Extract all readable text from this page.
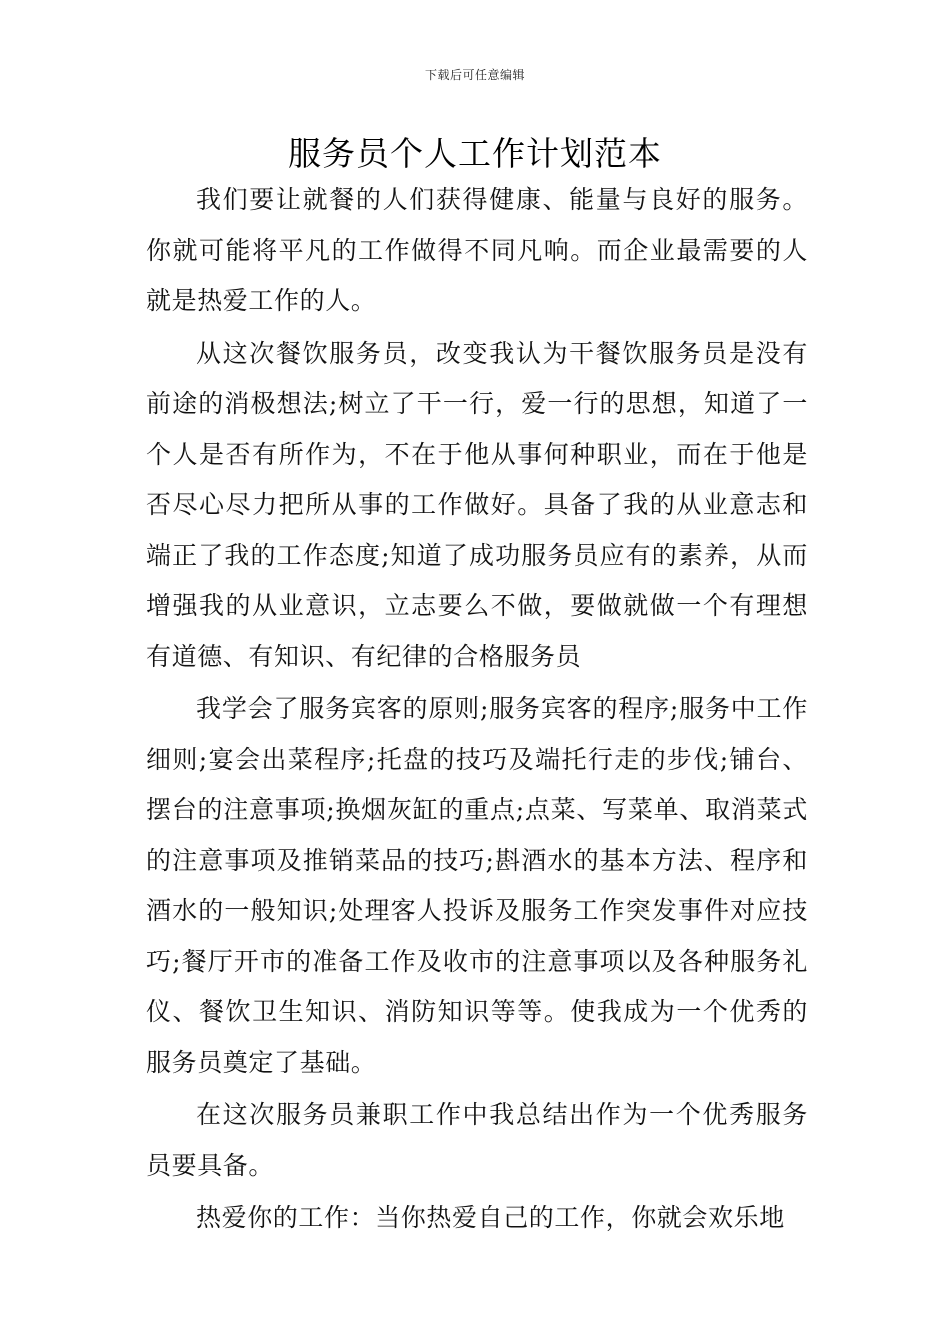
下载后可任意编辑
服务员个人工作计划范本

我们要让就餐的人们获得健康、能量与良好的服务。你就可能将平凡的工作做得不同凡响。而企业最需要的人就是热爱工作的人。

从这次餐饮服务员，改变我认为干餐饮服务员是没有前途的消极想法;树立了干一行，爱一行的思想，知道了一个人是否有所作为，不在于他从事何种职业，而在于他是否尽心尽力把所从事的工作做好。具备了我的从业意志和端正了我的工作态度;知道了成功服务员应有的素养，从而增强我的从业意识，立志要么不做，要做就做一个有理想有道德、有知识、有纪律的合格服务员

我学会了服务宾客的原则;服务宾客的程序;服务中工作细则;宴会出菜程序;托盘的技巧及端托行走的步伐;铺台、摆台的注意事项;换烟灰缸的重点;点菜、写菜单、取消菜式的注意事项及推销菜品的技巧;斟酒水的基本方法、程序和酒水的一般知识;处理客人投诉及服务工作突发事件对应技巧;餐厅开市的准备工作及收市的注意事项以及各种服务礼仪、餐饮卫生知识、消防知识等等。使我成为一个优秀的服务员奠定了基础。

在这次服务员兼职工作中我总结出作为一个优秀服务员要具备。

热爱你的工作：当你热爱自己的工作，你就会欢乐地
